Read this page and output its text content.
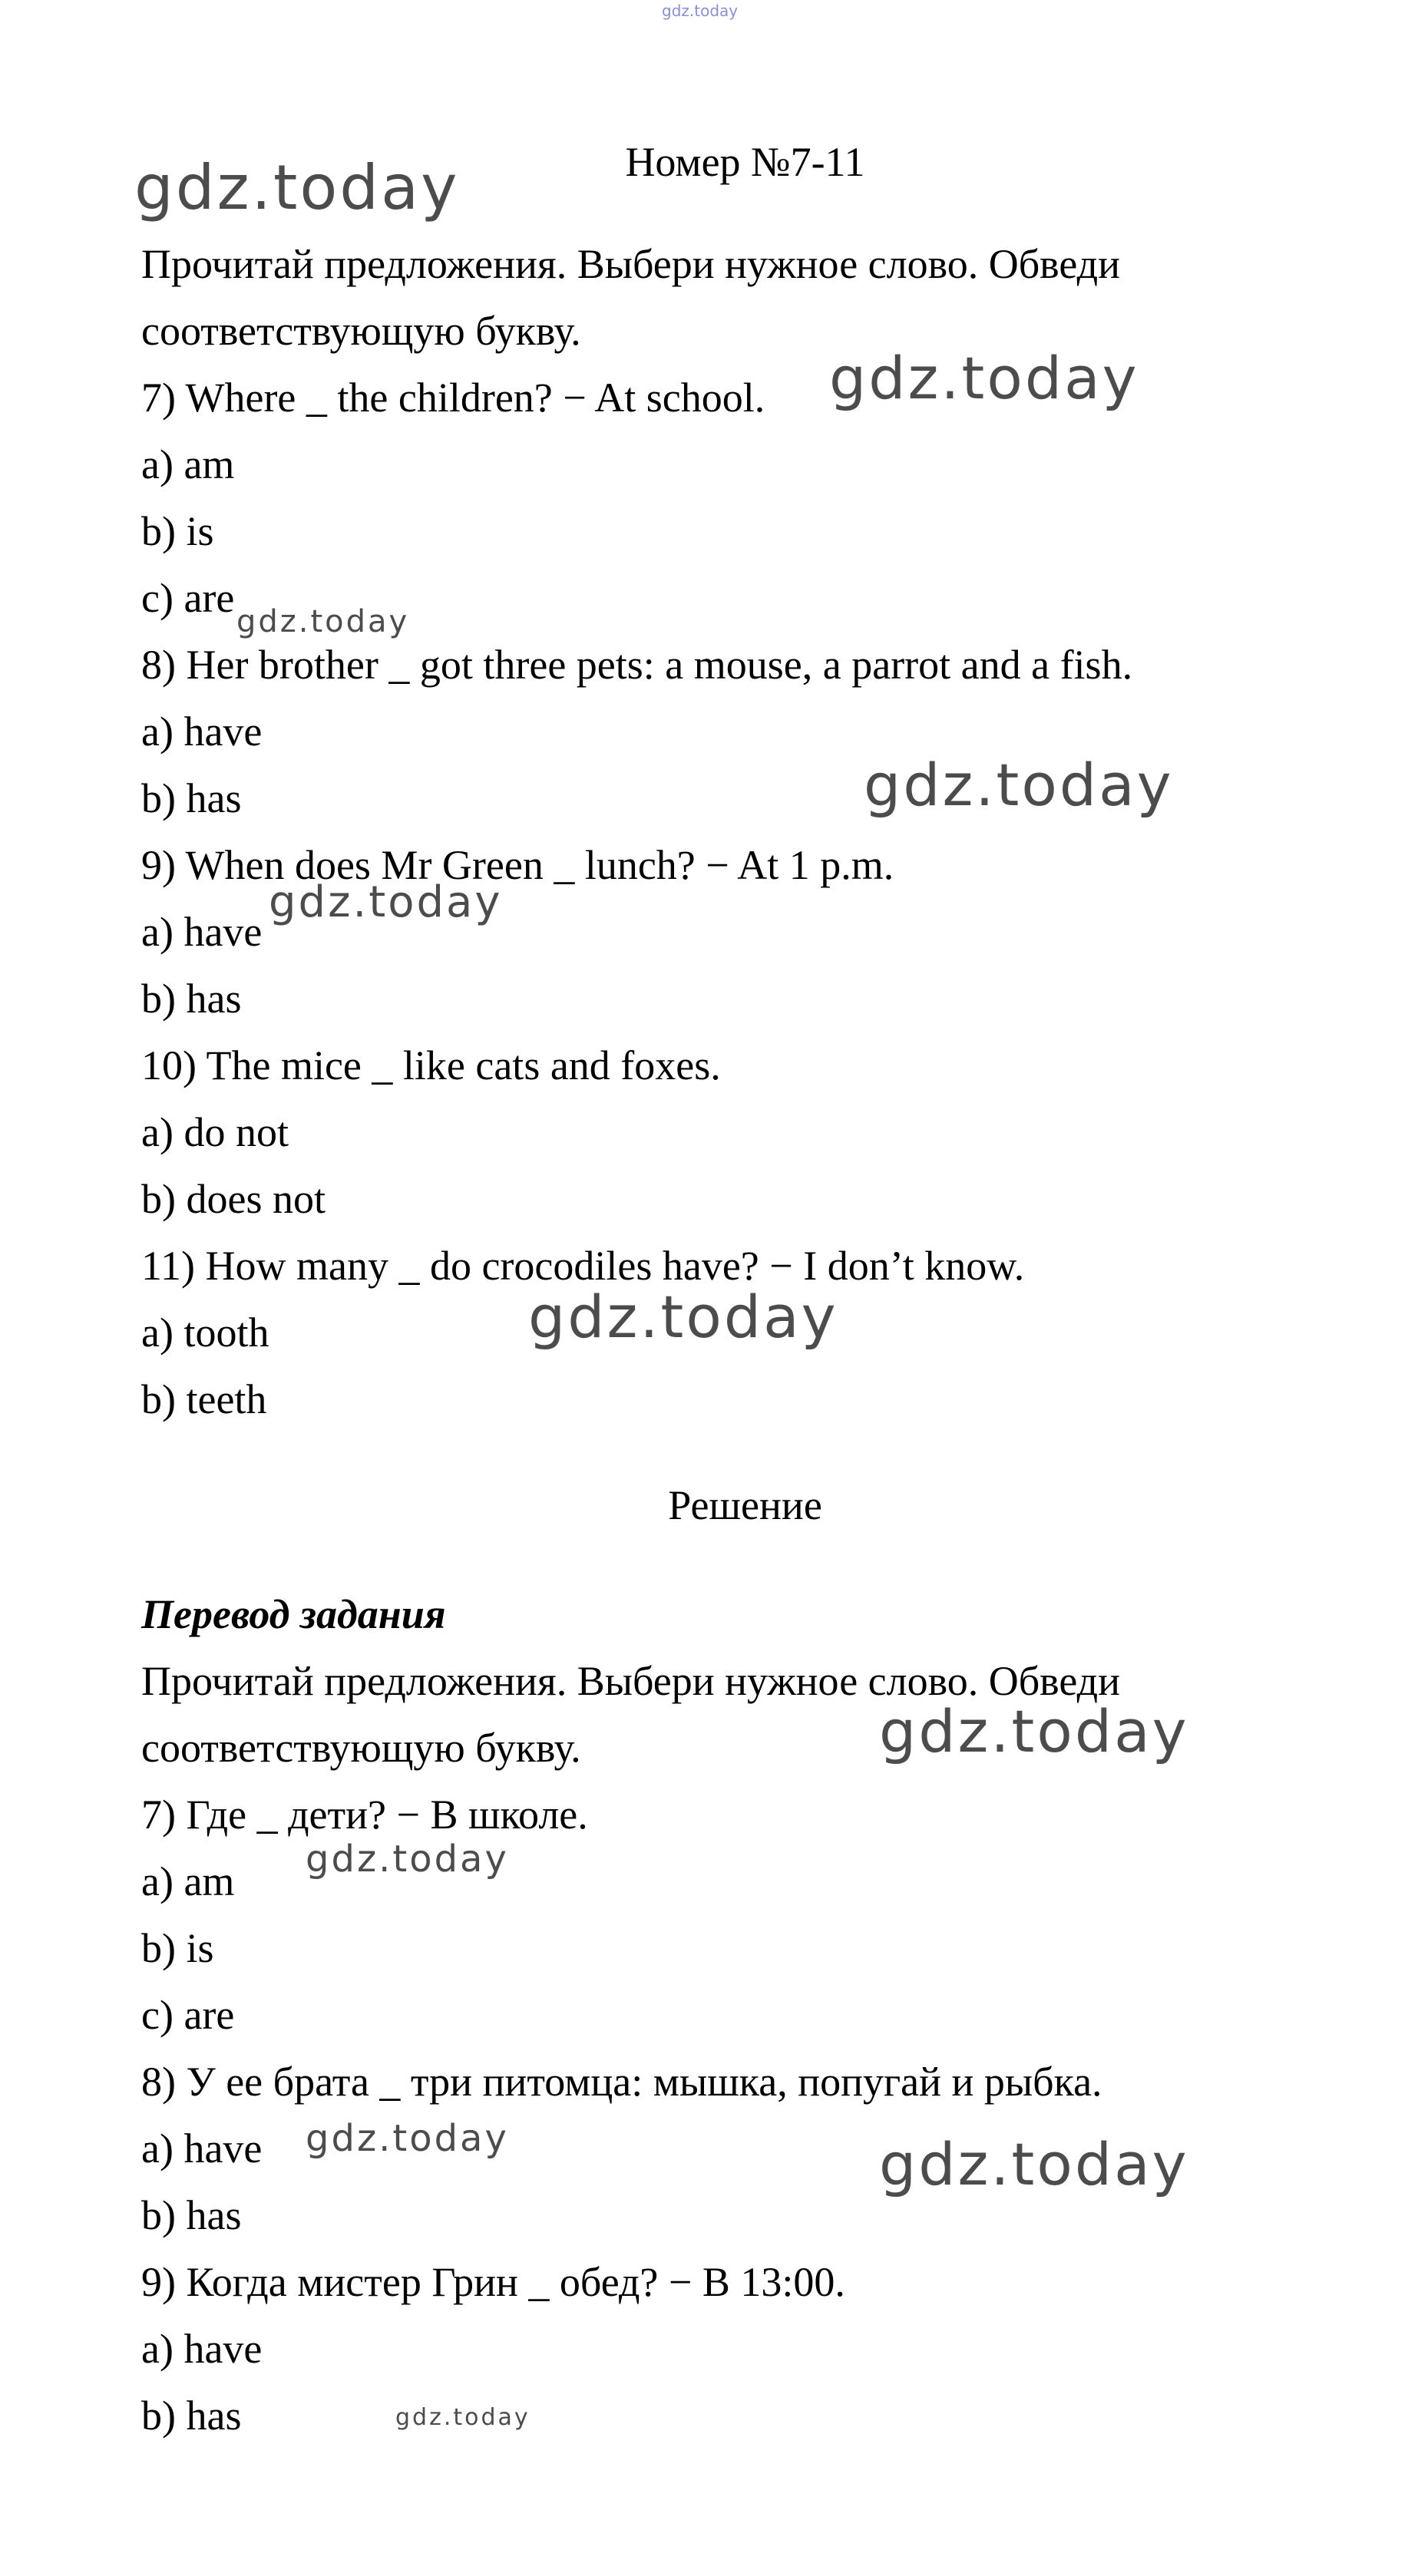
gdz.today
gdz.today
gdz.today
gdz.today
gdz.today
gdz.today
gdz.today
gdz.today
gdz.today
gdz.today	gdz.today
gdz.today
Номер №7-11
Прочитай предложения. Выбери нужное слово. Обведи
соответствующую букву.
7) Where _ the children? − At school.
a) am
b) is
c) are
8) Her brother _ got three pets: a mouse, a parrot and a fish.
a) have
b) has
9) When does Mr Green _ lunch? − At 1 p.m.
a) have
b) has
10) The mice _ like cats and foxes.
a) do not
b) does not
11) How many _ do crocodiles have? − I don’t know.
a) tooth
b) teeth
Решение
Перевод задания
Прочитай предложения. Выбери нужное слово. Обведи
соответствующую букву.
7) Где _ дети? − В школе.
a) am
b) is
c) are
8) У ее брата _ три питомца: мышка, попугай и рыбка.
a) have
b) has
9) Когда мистер Грин _ обед? − В 13:00.
a) have
b) has
